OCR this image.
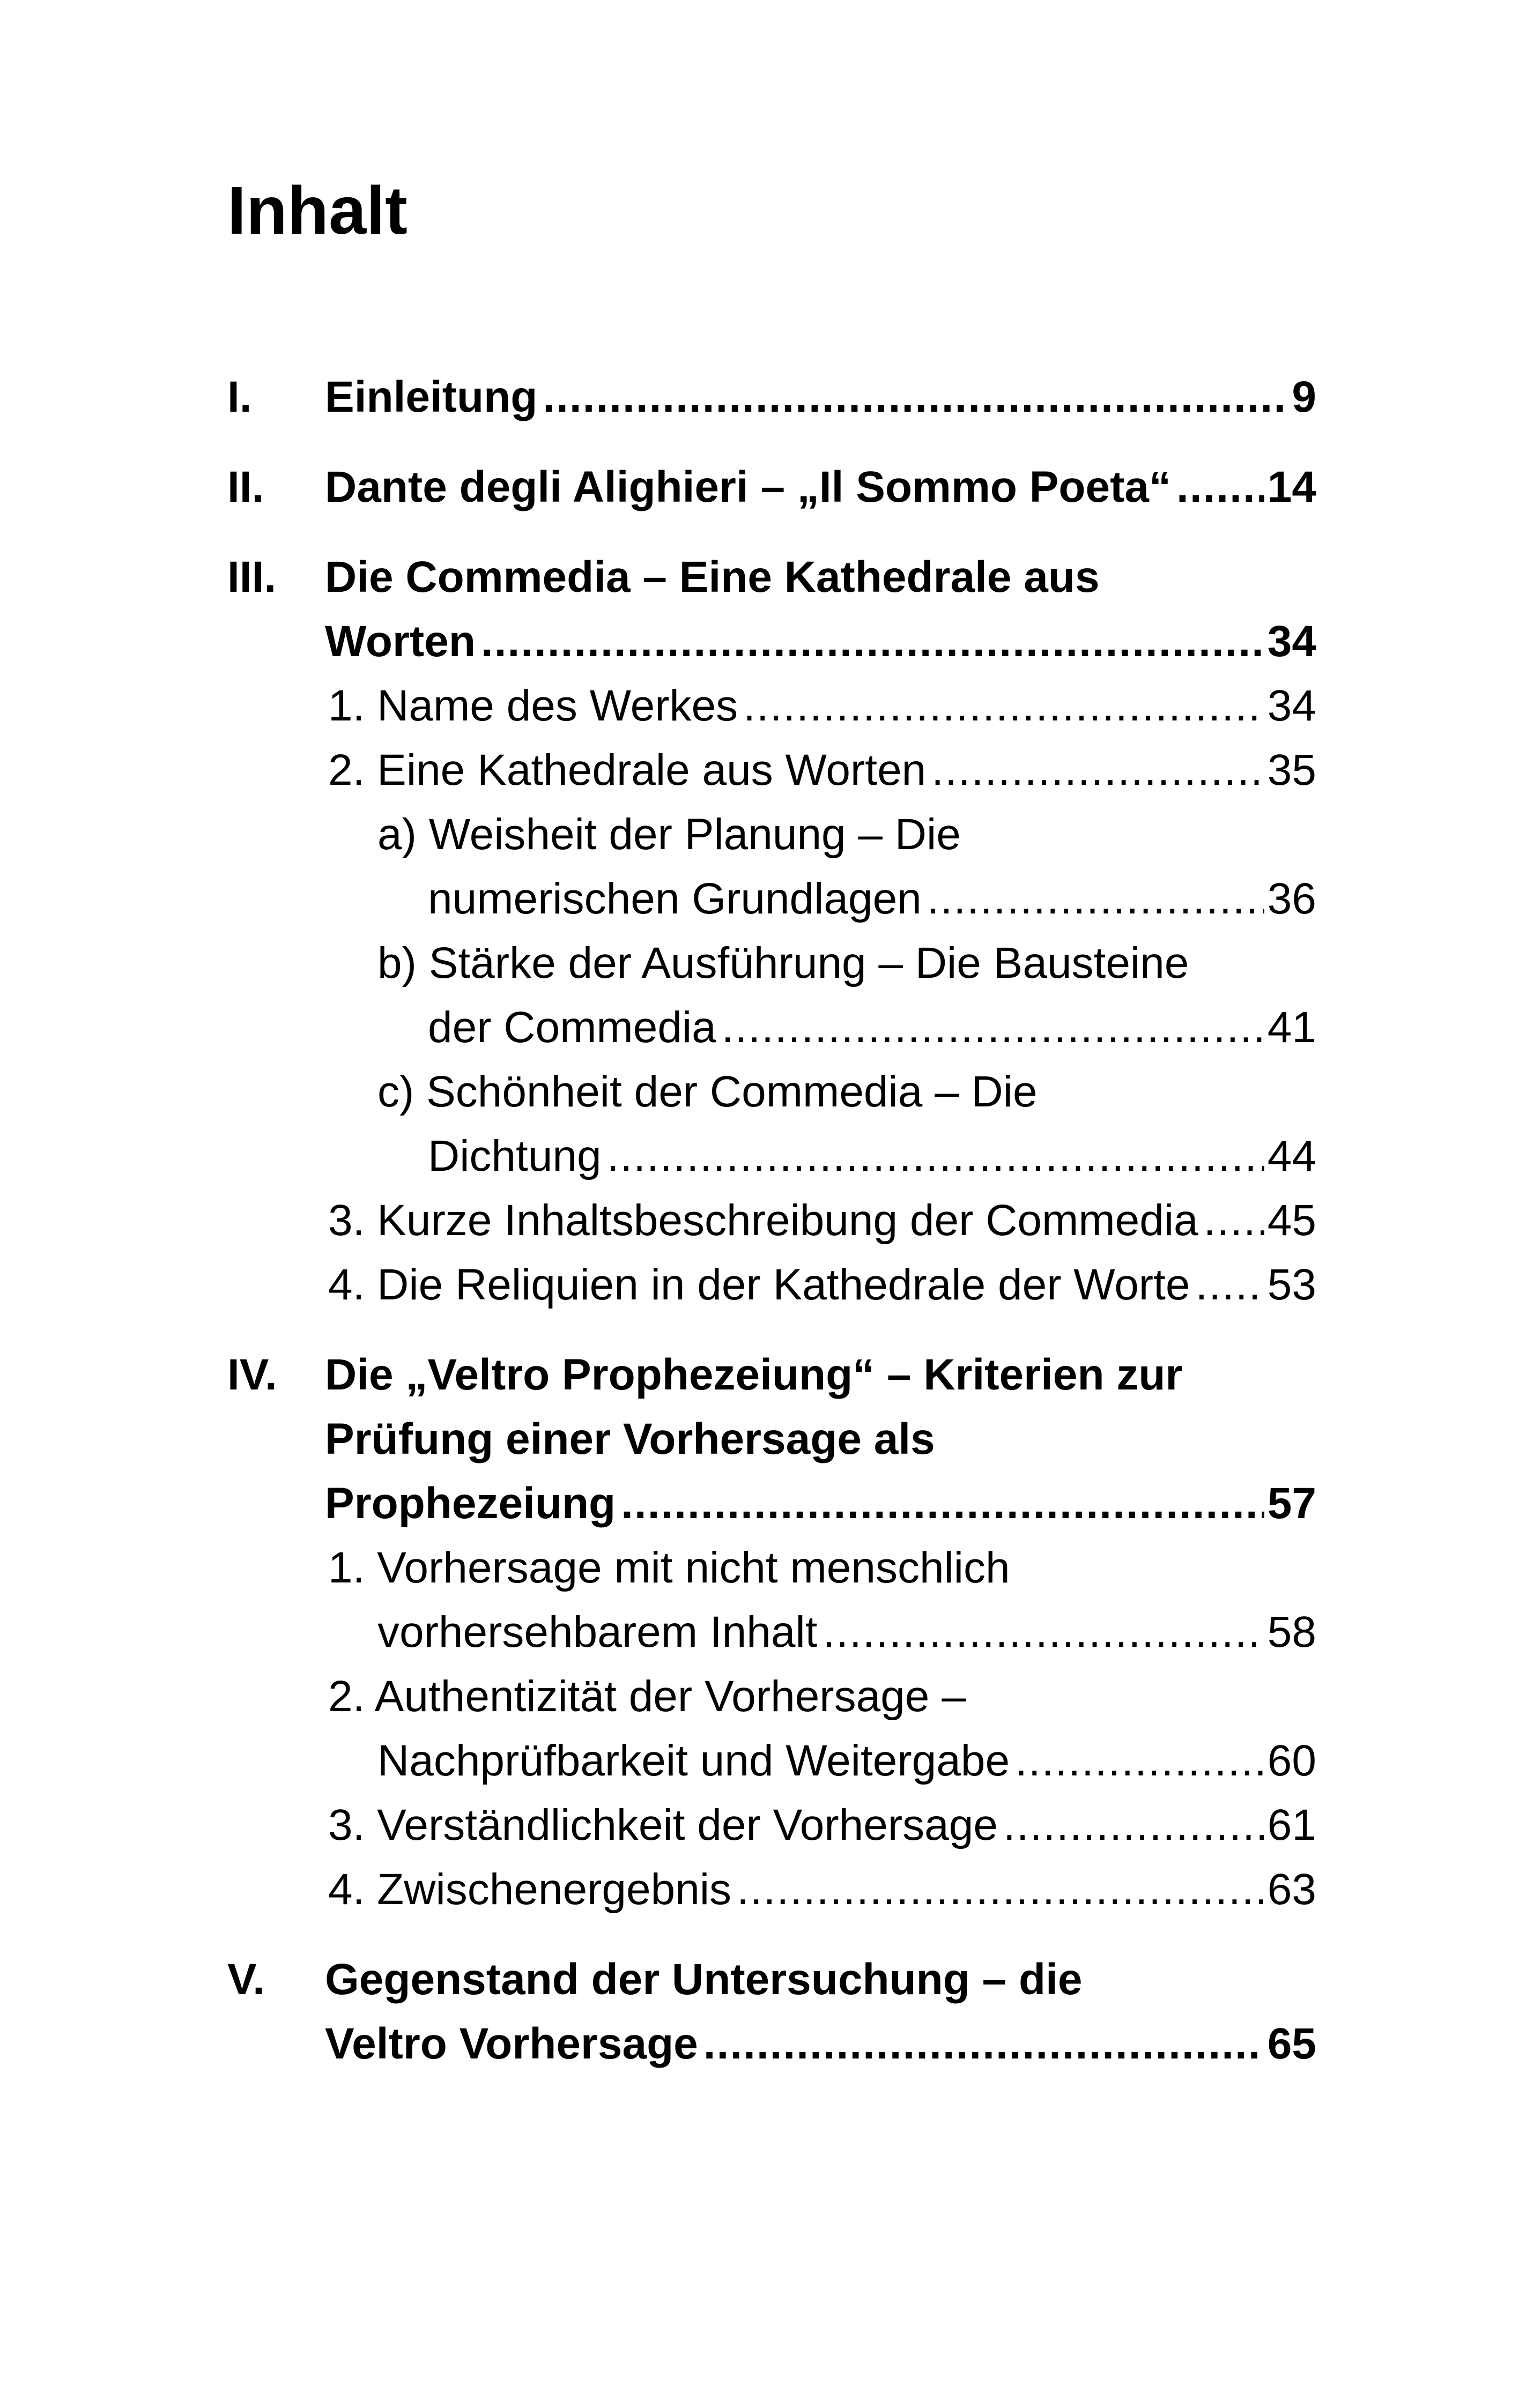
Inhalt
I. Einleitung .....	9
II. Dante degli Alighieri – „Il Sommo Poeta“ ..... 14
III. Die Commedia – Eine Kathedrale aus
Worten .....	34
1. Name des Werkes .....	34
2. Eine Kathedrale aus Worten .....	35
a) Weisheit der Planung – Die
numerischen Grundlagen .....	36
b) Stärke der Ausführung – Die Bausteine
der Commedia .....	41
c) Schönheit der Commedia – Die
Dichtung .....	44
3. Kurze Inhaltsbeschreibung der Commedia ..... 45
4. Die Reliquien in der Kathedrale der Worte ..... 53
IV. Die „Veltro Prophezeiung“ – Kriterien zur
Prüfung einer Vorhersage als
Prophezeiung .....	57
1. Vorhersage mit nicht menschlich
vorhersehbarem Inhalt .....	58
2. Authentizität der Vorhersage –
Nachprüfbarkeit und Weitergabe .....	60
3. Verständlichkeit der Vorhersage .....	61
4. Zwischenergebnis .....	63
V. Gegenstand der Untersuchung – die
Veltro Vorhersage .....	65
